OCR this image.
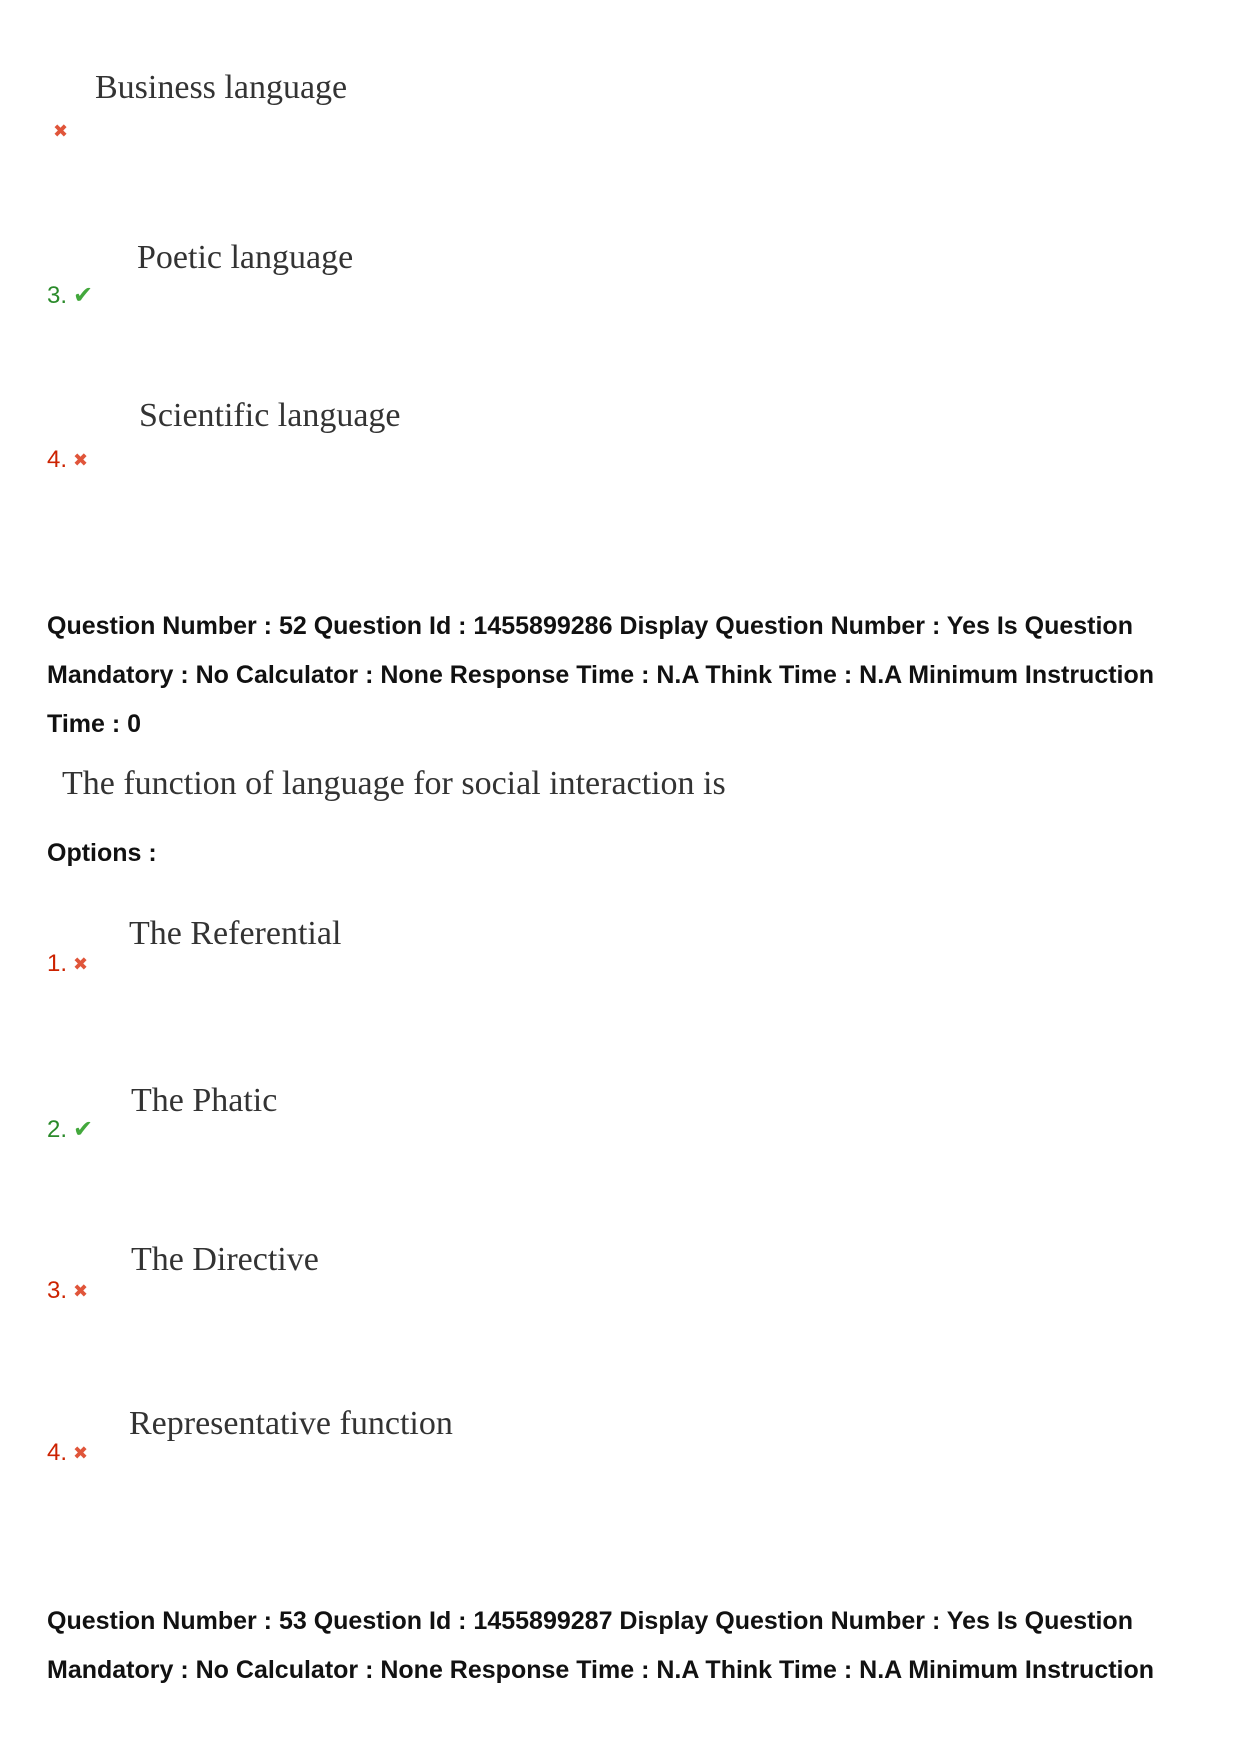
Business language
✖
Poetic language
3. ✔
Scientific language
4. ✖
Question Number : 52 Question Id : 1455899286 Display Question Number : Yes Is Question Mandatory : No Calculator : None Response Time : N.A Think Time : N.A Minimum Instruction Time : 0
The function of language for social interaction is
Options :
The Referential
1. ✖
The Phatic
2. ✔
The Directive
3. ✖
Representative function
4. ✖
Question Number : 53 Question Id : 1455899287 Display Question Number : Yes Is Question Mandatory : No Calculator : None Response Time : N.A Think Time : N.A Minimum Instruction
